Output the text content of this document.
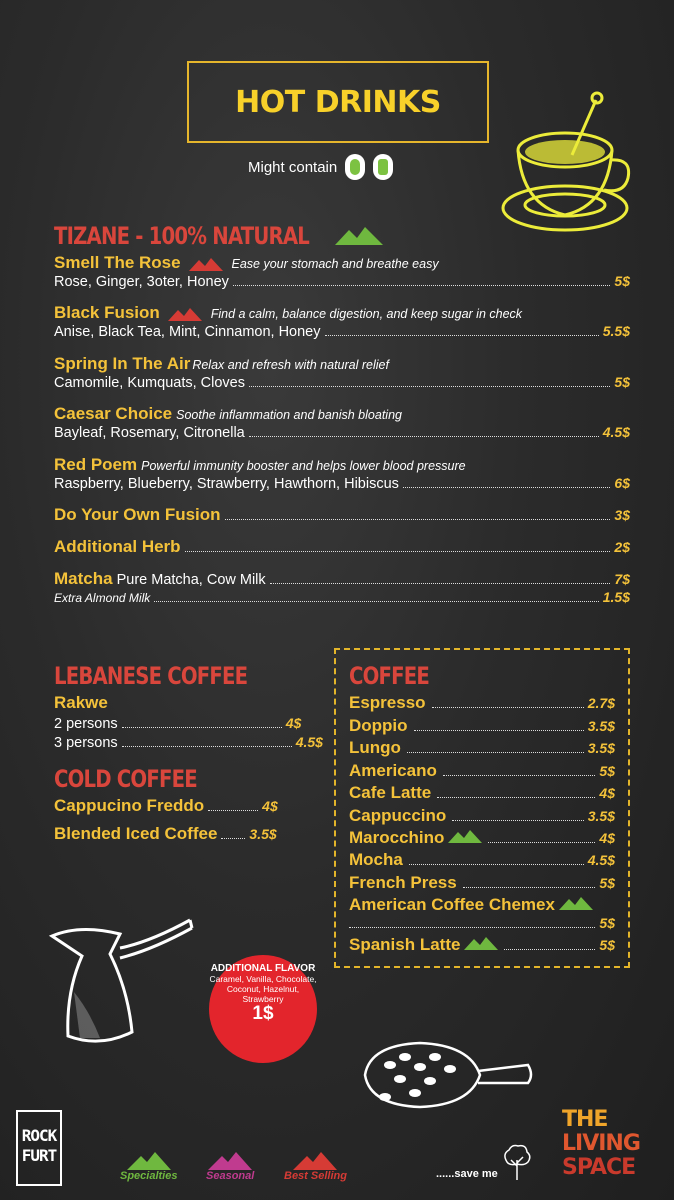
HOT DRINKS
Might contain
TIZANE - 100% NATURAL
Smell The Rose	Ease your stomach and breathe easy
Rose, Ginger, 3oter, Honey	5$
Black Fusion	Find a calm, balance digestion, and keep sugar in check
Anise, Black Tea, Mint, Cinnamon, Honey	5.5$
Spring In The Air Relax and refresh with natural relief
Camomile, Kumquats, Cloves	5$
Caesar Choice Soothe inflammation and banish bloating
Bayleaf, Rosemary, Citronella	4.5$
Red Poem Powerful immunity booster and helps lower blood pressure
Raspberry, Blueberry, Strawberry, Hawthorn, Hibiscus	6$
Do Your Own Fusion	3$
Additional Herb	2$
Matcha Pure Matcha, Cow Milk	7$
Extra Almond Milk	1.5$
LEBANESE COFFEE
Rakwe
2 persons	4$
3 persons	4.5$
COLD COFFEE
Cappucino Freddo	4$
Blended Iced Coffee 3.5$
COFFEE
Espresso	2.7$
Doppio	3.5$
Lungo	3.5$
Americano	5$
Cafe Latte	4$
Cappuccino	3.5$
Marocchino	4$
Mocha	4.5$
French Press	5$
American Coffee Chemex
5$
Spanish Latte	5$
ADDITIONAL FLAVOR
Caramel, Vanilla, Chocolate, Coconut, Hazelnut, Strawberry
1$
ROCK
FURT
Specialties	Seasonal	Best Selling	......save me
THE
LIVING
SPACE
